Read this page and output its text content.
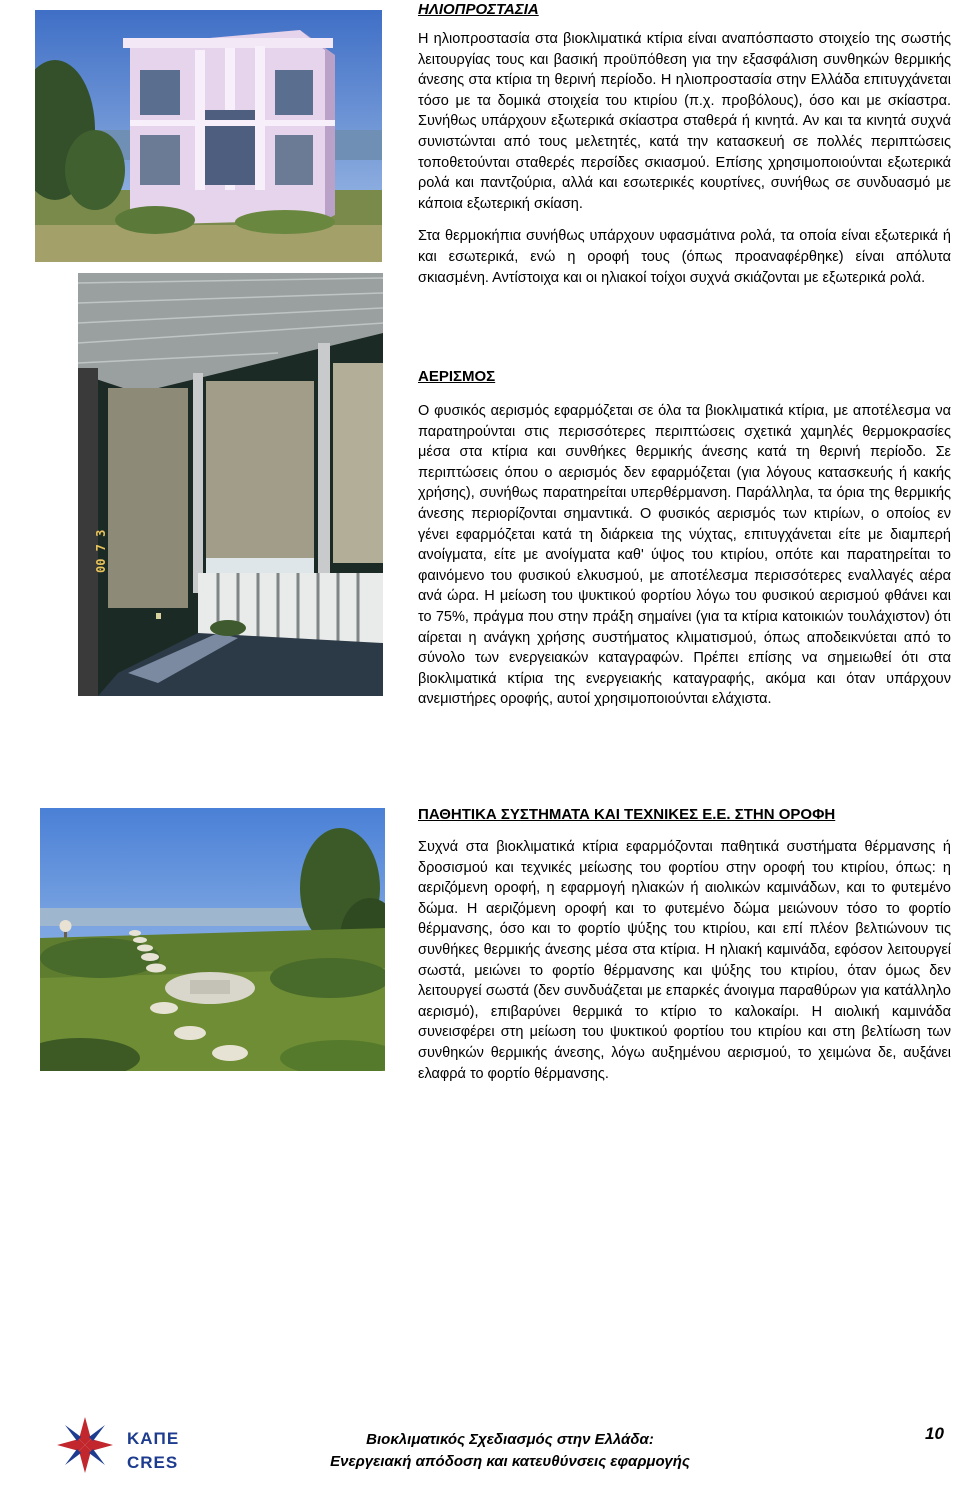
00 7 3
ΗΛΙΟΠΡΟΣΤΑΣΙΑ

Η ηλιοπροστασία στα βιοκλιματικά κτίρια είναι αναπόσπαστο στοιχείο της σωστής λειτουργίας τους και βασική προϋπόθεση για την εξασφάλιση συνθηκών θερμικής άνεσης στα κτίρια τη θερινή περίοδο. Η ηλιοπροστασία στην Ελλάδα επιτυγχάνεται τόσο με τα δομικά στοιχεία του κτιρίου (π.χ. προβόλους), όσο και με σκίαστρα. Συνήθως υπάρχουν εξωτερικά σκίαστρα σταθερά ή κινητά. Αν και τα κινητά συχνά συνιστώνται από τους μελετητές, κατά την κατασκευή σε πολλές περιπτώσεις τοποθετούνται σταθερές περσίδες σκιασμού. Επίσης χρησιμοποιούνται εξωτερικά ρολά και παντζούρια, αλλά και εσωτερικές κουρτίνες, συνήθως σε συνδυασμό με κάποια εξωτερική σκίαση.

Στα θερμοκήπια συνήθως υπάρχουν υφασμάτινα ρολά, τα οποία είναι εξωτερικά ή και εσωτερικά, ενώ η οροφή τους (όπως προαναφέρθηκε) είναι απόλυτα σκιασμένη. Αντίστοιχα και οι ηλιακοί τοίχοι συχνά σκιάζονται με εξωτερικά ρολά.

ΑΕΡΙΣΜΟΣ

Ο φυσικός αερισμός εφαρμόζεται σε όλα τα βιοκλιματικά κτίρια, με αποτέλεσμα να παρατηρούνται στις περισσότερες περιπτώσεις σχετικά χαμηλές θερμοκρασίες μέσα στα κτίρια και συνθήκες θερμικής άνεσης κατά τη θερινή περίοδο. Σε περιπτώσεις όπου ο αερισμός δεν εφαρμόζεται (για λόγους κατασκευής ή κακής χρήσης), συνήθως παρατηρείται υπερθέρμανση. Παράλληλα, τα όρια της θερμικής άνεσης περιορίζονται σημαντικά. Ο φυσικός αερισμός των κτιρίων, ο οποίος εν γένει εφαρμόζεται κατά τη διάρκεια της νύχτας, επιτυγχάνεται είτε με διαμπερή ανοίγματα, είτε με ανοίγματα καθ' ύψος του κτιρίου, οπότε και παρατηρείται το φαινόμενο του φυσικού ελκυσμού, με αποτέλεσμα περισσότερες εναλλαγές αέρα ανά ώρα. Η μείωση του ψυκτικού φορτίου λόγω του φυσικού αερισμού φθάνει και το 75%, πράγμα που στην πράξη σημαίνει (για τα κτίρια κατοικιών τουλάχιστον) ότι αίρεται η ανάγκη χρήσης συστήματος κλιματισμού, όπως αποδεικνύεται από το σύνολο των ενεργειακών καταγραφών. Πρέπει επίσης να σημειωθεί ότι στα βιοκλιματικά κτίρια της ενεργειακής καταγραφής, ακόμα και όταν υπάρχουν ανεμιστήρες οροφής, αυτοί χρησιμοποιούνται ελάχιστα.

ΠΑΘΗΤΙΚΑ ΣΥΣΤΗΜΑΤΑ ΚΑΙ ΤΕΧΝΙΚΕΣ Ε.Ε. ΣΤΗΝ ΟΡΟΦΗ

Συχνά στα βιοκλιματικά κτίρια εφαρμόζονται παθητικά συστήματα θέρμανσης ή δροσισμού και τεχνικές μείωσης του φορτίου στην οροφή του κτιρίου, όπως: η αεριζόμενη οροφή, η εφαρμογή ηλιακών ή αιολικών καμινάδων, και το φυτεμένο δώμα. Η αεριζόμενη οροφή και το φυτεμένο δώμα μειώνουν τόσο το φορτίο θέρμανσης, όσο και το φορτίο ψύξης του κτιρίου, και επί πλέον βελτιώνουν τις συνθήκες θερμικής άνεσης μέσα στα κτίρια. Η ηλιακή καμινάδα, εφόσον λειτουργεί σωστά, μειώνει το φορτίο θέρμανσης και ψύξης του κτιρίου, όταν όμως δεν λειτουργεί σωστά (δεν συνδυάζεται με επαρκές άνοιγμα παραθύρων για κατάλληλο αερισμό), επιβαρύνει θερμικά το κτίριο το καλοκαίρι. Η αιολική καμινάδα συνεισφέρει στη μείωση του ψυκτικού φορτίου του κτιρίου και στη βελτίωση των συνθηκών θερμικής άνεσης, λόγω αυξημένου αερισμού, το χειμώνα δε, αυξάνει ελαφρά το φορτίο θέρμανσης.

ΚΑΠΕ
CRES
Βιοκλιματικός Σχεδιασμός στην Ελλάδα:
Ενεργειακή απόδοση και κατευθύνσεις εφαρμογής
10
